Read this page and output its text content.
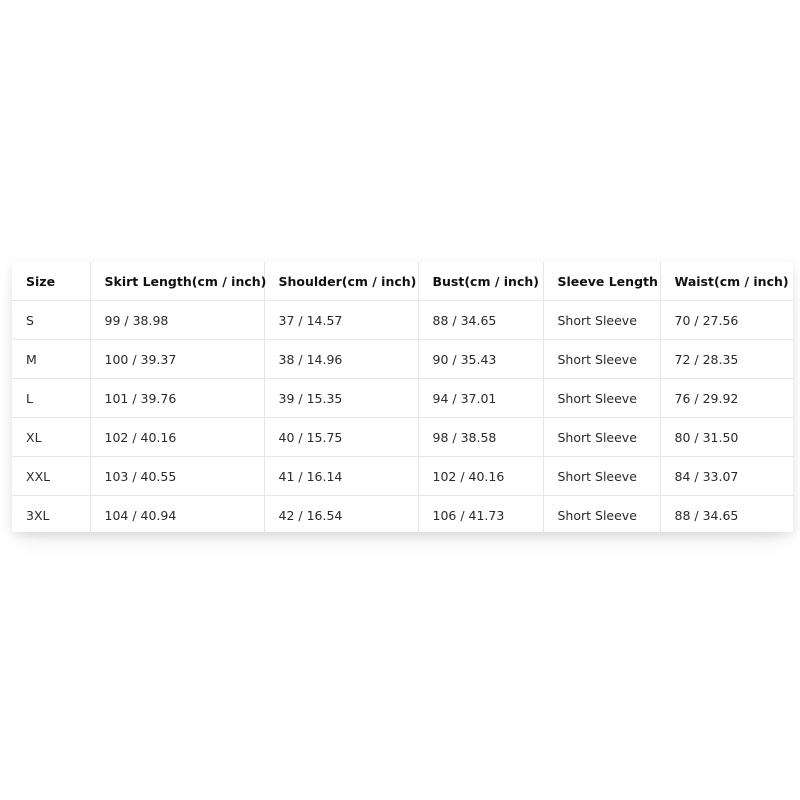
Size	Skirt Length(cm / inch)	Shoulder(cm / inch)	Bust(cm / inch)	Sleeve Length	Waist(cm / inch)
S	99 / 38.98	37 / 14.57	88 / 34.65	Short Sleeve	70 / 27.56
M	100 / 39.37	38 / 14.96	90 / 35.43	Short Sleeve	72 / 28.35
L	101 / 39.76	39 / 15.35	94 / 37.01	Short Sleeve	76 / 29.92
XL	102 / 40.16	40 / 15.75	98 / 38.58	Short Sleeve	80 / 31.50
XXL	103 / 40.55	41 / 16.14	102 / 40.16	Short Sleeve	84 / 33.07
3XL	104 / 40.94	42 / 16.54	106 / 41.73	Short Sleeve	88 / 34.65
